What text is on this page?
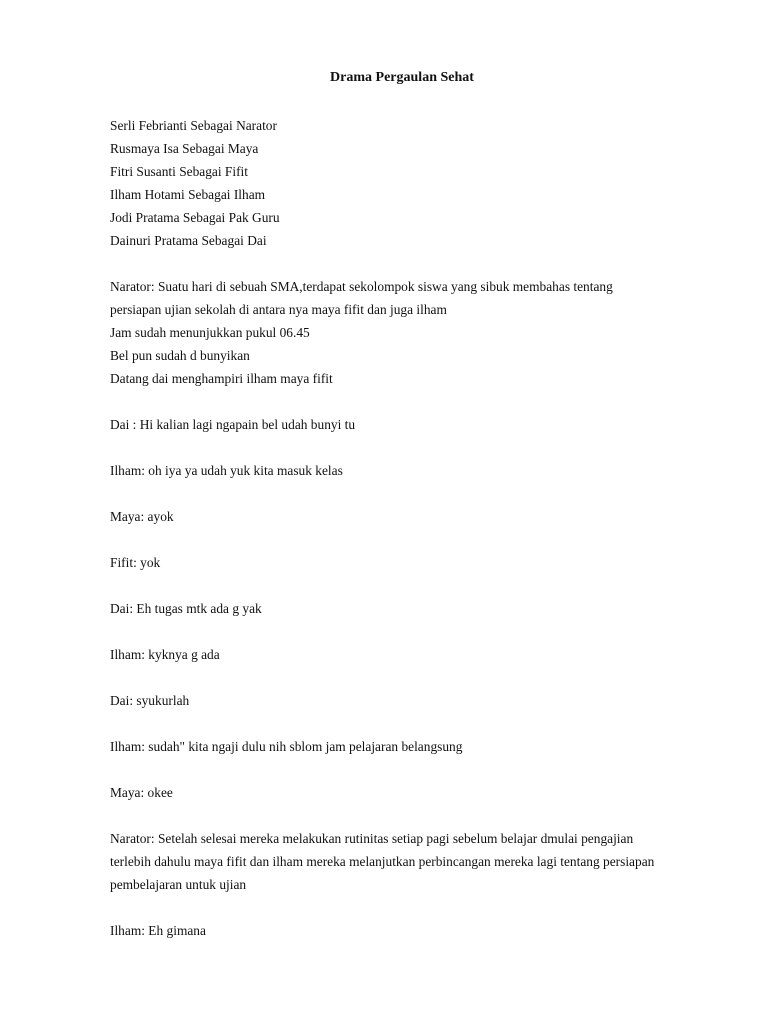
Drama Pergaulan Sehat
Serli Febrianti Sebagai Narator
Rusmaya Isa Sebagai Maya
Fitri Susanti Sebagai Fifit
Ilham Hotami Sebagai Ilham
Jodi Pratama Sebagai Pak Guru
Dainuri Pratama Sebagai Dai
Narator: Suatu hari di sebuah SMA,terdapat sekolompok siswa yang sibuk membahas tentang
persiapan ujian sekolah di antara nya maya fifit dan juga ilham
Jam sudah menunjukkan pukul 06.45
Bel pun sudah d bunyikan
Datang dai menghampiri ilham maya fifit
Dai : Hi kalian lagi ngapain bel udah bunyi tu
Ilham: oh iya ya udah yuk kita masuk kelas
Maya: ayok
Fifit: yok
Dai: Eh tugas mtk ada g yak
Ilham: kyknya g ada
Dai: syukurlah
Ilham: sudah" kita ngaji dulu nih sblom jam pelajaran belangsung
Maya: okee
Narator: Setelah selesai mereka melakukan rutinitas setiap pagi sebelum belajar dmulai pengajian
terlebih dahulu maya fifit dan ilham mereka melanjutkan perbincangan mereka lagi tentang persiapan
pembelajaran untuk ujian
Ilham: Eh gimana
